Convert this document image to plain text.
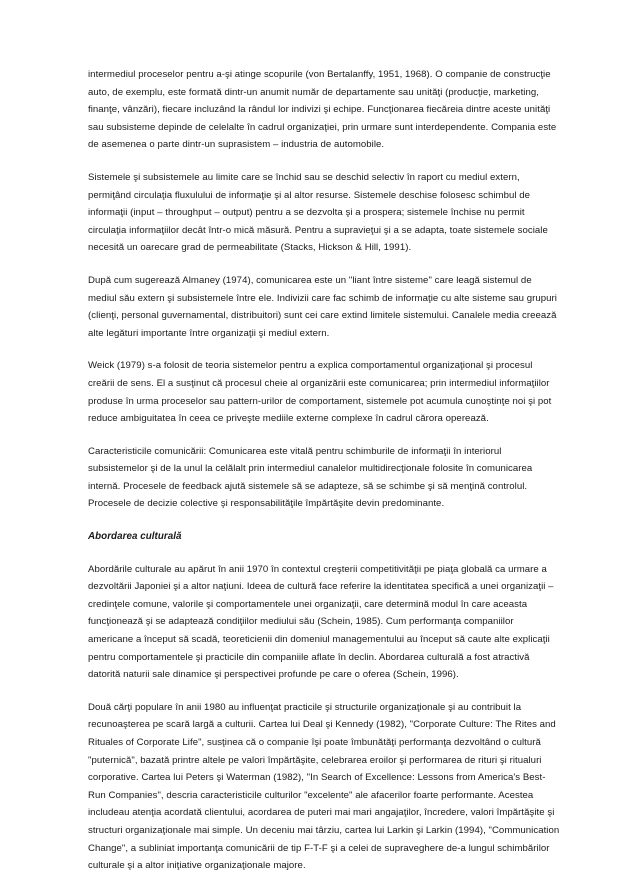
intermediul proceselor pentru a-şi atinge scopurile (von Bertalanffy, 1951, 1968). O companie de construcţie auto, de exemplu, este formată dintr-un anumit număr de departamente sau unităţi (producţie, marketing, finanţe, vânzări), fiecare incluzând la rândul lor indivizi şi echipe. Funcţionarea fiecăreia dintre aceste unităţi sau subsisteme depinde de celelalte în cadrul organizaţiei, prin urmare sunt interdependente. Compania este de asemenea o parte dintr-un suprasistem – industria de automobile.

Sistemele şi subsistemele au limite care se închid sau se deschid selectiv în raport cu mediul extern, permiţând circulaţia fluxulului de informaţie şi al altor resurse. Sistemele deschise folosesc schimbul de informaţii (input – throughput – output) pentru a se dezvolta şi a prospera; sistemele închise nu permit circulaţia informaţiilor decât într-o mică măsură. Pentru a supravieţui şi a se adapta, toate sistemele sociale necesită un oarecare grad de permeabilitate (Stacks, Hickson & Hill, 1991).

După cum sugerează Almaney (1974), comunicarea este un "liant între sisteme" care leagă sistemul de mediul său extern şi subsistemele între ele. Indivizii care fac schimb de informaţie cu alte sisteme sau grupuri (clienţi, personal guvernamental, distribuitori) sunt cei care extind limitele sistemului. Canalele media creează alte legături importante între organizaţii şi mediul extern.

Weick (1979) s-a folosit de teoria sistemelor pentru a explica comportamentul organizaţional şi procesul creării de sens. El a susţinut că procesul cheie al organizării este comunicarea; prin intermediul informaţiilor produse în urma proceselor sau pattern-urilor de comportament, sistemele pot acumula cunoştinţe noi şi pot reduce ambiguitatea în ceea ce priveşte mediile externe complexe în cadrul cărora operează.

Caracteristicile comunicării: Comunicarea este vitală pentru schimburile de informaţii în interiorul subsistemelor şi de la unul la celălalt prin intermediul canalelor multidirecţionale folosite în comunicarea internă. Procesele de feedback ajută sistemele să se adapteze, să se schimbe şi să menţină controlul. Procesele de decizie colective şi responsabilităţile împărtăşite devin predominante.

Abordarea culturală

Abordările culturale au apărut în anii 1970 în contextul creşterii competitivităţii pe piaţa globală ca urmare a dezvoltării Japoniei şi a altor naţiuni. Ideea de cultură face referire la identitatea specifică a unei organizaţii – credinţele comune, valorile şi comportamentele unei organizaţii, care determină modul în care aceasta funcţionează şi se adaptează condiţiilor mediului său (Schein, 1985). Cum performanţa companiilor americane a început să scadă, teoreticienii din domeniul managementului au început să caute alte explicaţii pentru comportamentele şi practicile din companiile aflate în declin. Abordarea culturală a fost atractivă datorită naturii sale dinamice şi perspectivei profunde pe care o oferea (Schein, 1996).

Două cărţi populare în anii 1980 au influenţat practicile şi structurile organizaţionale şi au contribuit la recunoaşterea pe scară largă a culturii. Cartea lui Deal şi Kennedy (1982), "Corporate Culture: The Rites and Rituales of Corporate Life", susţinea că o companie îşi poate îmbunătăţi performanţa dezvoltând o cultură "puternică", bazată printre altele pe valori împărtăşite, celebrarea eroilor şi performarea de rituri şi ritualuri corporative. Cartea lui Peters şi Waterman (1982), "In Search of Excellence: Lessons from America's Best-Run Companies", descria caracteristicile culturilor "excelente" ale afacerilor foarte performante. Acestea includeau atenţia acordată clientului, acordarea de puteri mai mari angajaţilor, încredere, valori împărtăşite şi structuri organizaţionale mai simple. Un deceniu mai târziu, cartea lui Larkin şi Larkin (1994), "Communication Change", a subliniat importanţa comunicării de tip F-T-F şi a celei de supraveghere de-a lungul schimbărilor culturale şi a altor iniţiative organizaţionale majore.
